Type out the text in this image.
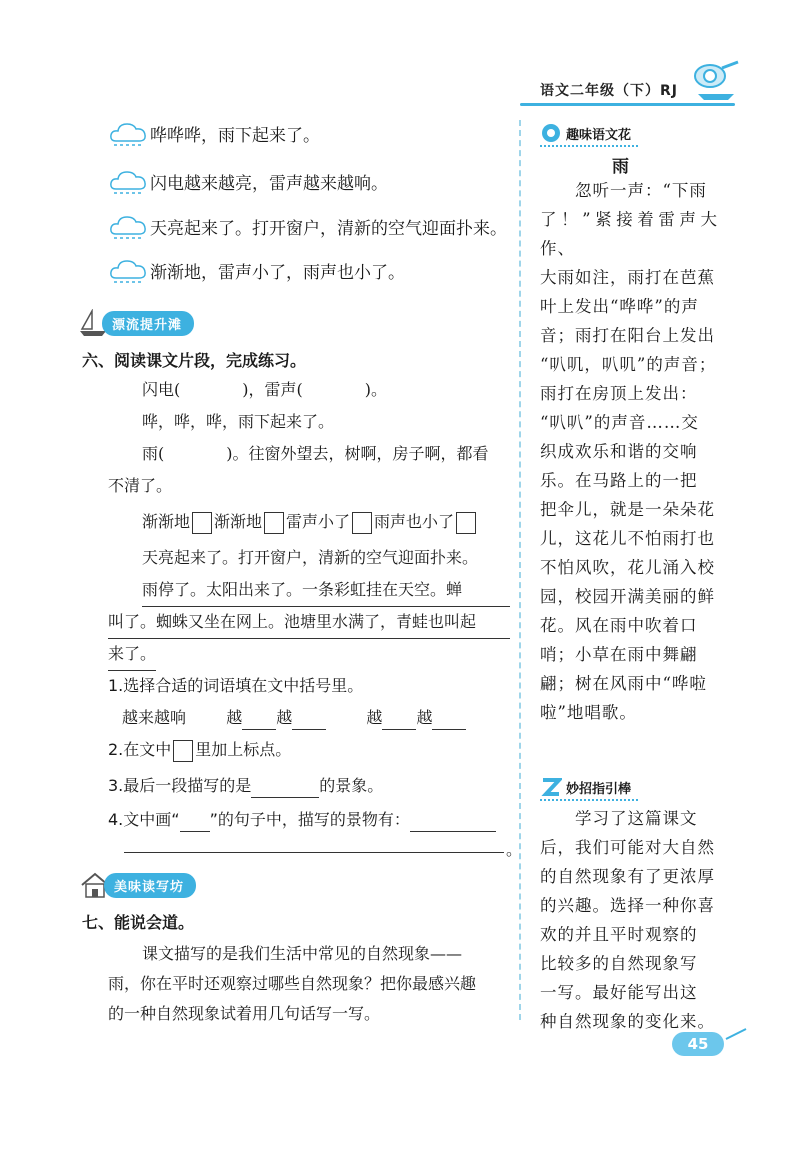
语文二年级（下）RJ
哗哗哗，雨下起来了。
闪电越来越亮，雷声越来越响。
天亮起来了。打开窗户，清新的空气迎面扑来。
渐渐地，雷声小了，雨声也小了。
漂流提升滩
六、阅读课文片段，完成练习。
闪电(	)，雷声(	)。
哗，哗，哗，雨下起来了。
雨(	)。往窗外望去，树啊，房子啊，都看
不清了。
渐渐地 渐渐地 雷声小了 雨声也小了
天亮起来了。打开窗户，清新的空气迎面扑来。
雨停了。太阳出来了。一条彩虹挂在天空。蝉
叫了。蜘蛛又坐在网上。池塘里水满了，青蛙也叫起
来了。
1.选择合适的词语填在文中括号里。
越来越响	越 越	越 越
2.在文中 里加上标点。
3.最后一段描写的是	的景象。
4.文中画“ ”的句子中，描写的景物有：
。
美味读写坊
七、能说会道。
课文描写的是我们生活中常见的自然现象——
雨，你在平时还观察过哪些自然现象？把你最感兴趣
的一种自然现象试着用几句话写一写。
趣味语文花
雨
　　忽听一声：“下雨
了！”紧接着雷声大作、
大雨如注，雨打在芭蕉
叶上发出“哗哗”的声
音；雨打在阳台上发出
“叭叽，叭叽”的声音；
雨打在房顶上发出：
“叭叭”的声音……交
织成欢乐和谐的交响
乐。在马路上的一把
把伞儿，就是一朵朵花
儿，这花儿不怕雨打也
不怕风吹，花儿涌入校
园，校园开满美丽的鲜
花。风在雨中吹着口
哨；小草在雨中舞翩
翩；树在风雨中“哗啦
啦”地唱歌。
妙招指引棒
　　学习了这篇课文
后，我们可能对大自然
的自然现象有了更浓厚
的兴趣。选择一种你喜
欢的并且平时观察的
比较多的自然现象写
一写。最好能写出这
种自然现象的变化来。
45
